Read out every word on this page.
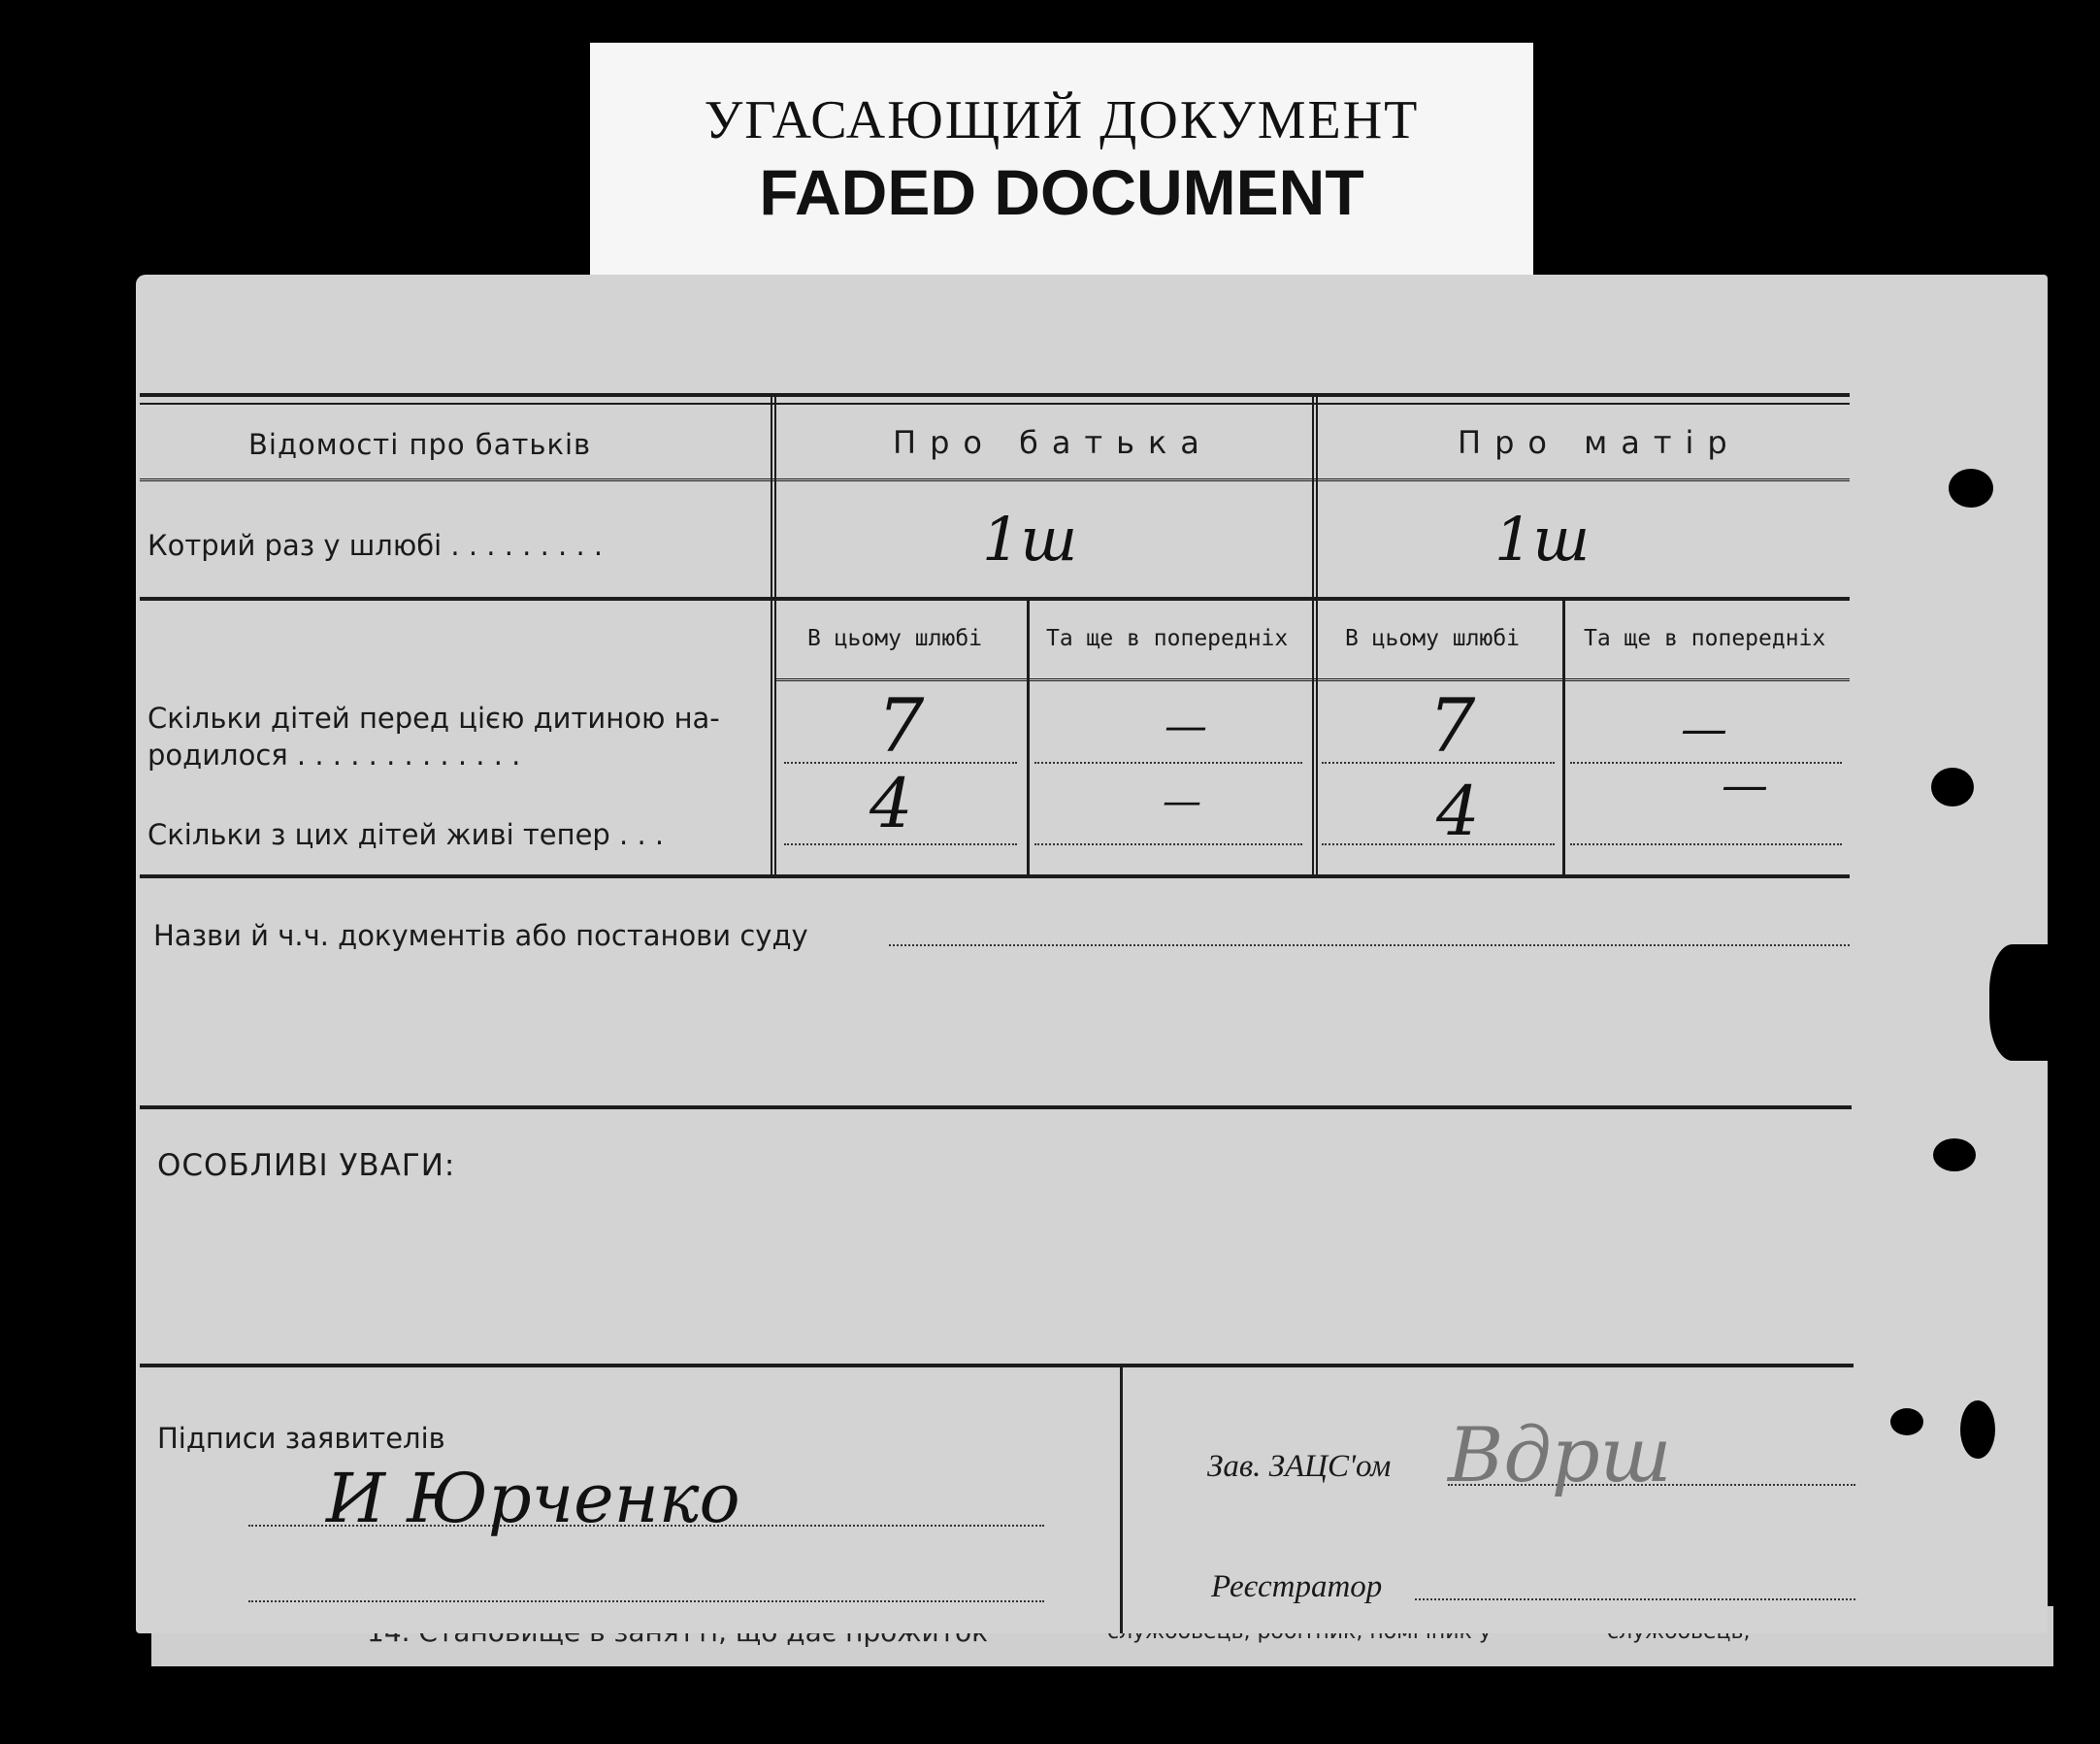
УГАСАЮЩИЙ ДОКУМЕНТ
FADED DOCUMENT
Відомості про батьків	Про батька	Про матір
Котрий раз у шлюбі . . . . . . . . .	1ш	1ш
В цьому шлюбі	Та ще в попередніх	В цьому шлюбі	Та ще в попередніх
Скільки дітей перед цією дитиною на-
родилося . . . . . . . . . . . . .	7	—	7	—
Скільки з цих дітей живі тепер . . .	4	—	4	—
Назви й ч.ч. документів або постанови суду
ОСОБЛИВІ УВАГИ:
Підписи заявителів
И Юрченко	Зав. ЗАЦС'ом Вдрш
Реєстратор
